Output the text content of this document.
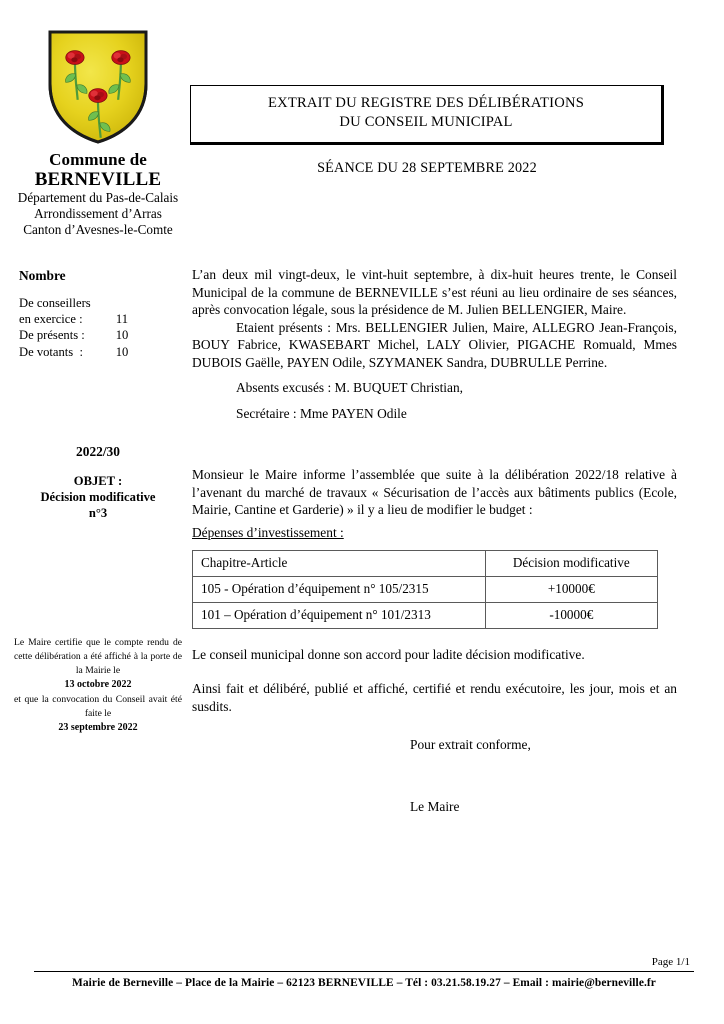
Commune de
BERNEVILLE
Département du Pas-de-Calais
Arrondissement d’Arras
Canton d’Avesnes-le-Comte
Nombre
De conseillers
en exercice :	11
De présents :	10
De votants  :	10
2022/30
OBJET :
Décision modificative
n°3
Le Maire certifie que le compte rendu de cette délibération a été affiché à la porte de la Mairie le
13 octobre 2022
et que la convocation du Conseil avait été faite le
23 septembre 2022
EXTRAIT DU REGISTRE DES DÉLIBÉRATIONS
DU CONSEIL MUNICIPAL
SÉANCE DU 28 SEPTEMBRE 2022

L’an deux mil vingt-deux, le vint-huit septembre, à dix-huit heures trente, le Conseil Municipal de la commune de BERNEVILLE s’est réuni au lieu ordinaire de ses séances, après convocation légale, sous la présidence de M. Julien BELLENGIER, Maire.

Etaient présents : Mrs. BELLENGIER Julien, Maire, ALLEGRO Jean-François, BOUY Fabrice, KWASEBART Michel, LALY Olivier, PIGACHE Romuald, Mmes DUBOIS Gaëlle, PAYEN Odile, SZYMANEK Sandra, DUBRULLE Perrine.

Absents excusés : M. BUQUET Christian,

Secrétaire : Mme PAYEN Odile

Monsieur le Maire informe l’assemblée que suite à la délibération 2022/18 relative à l’avenant du marché de travaux « Sécurisation de l’accès aux bâtiments publics (Ecole, Mairie, Cantine et Garderie) » il y a lieu de modifier le budget :
Dépenses d’investissement :
Le conseil municipal donne son accord pour ladite décision modificative.
Ainsi fait et délibéré, publié et affiché, certifié et rendu exécutoire, les jour, mois et an susdits.
Pour extrait conforme,
Le Maire
Chapitre-Article	Décision modificative
105 - Opération d’équipement n° 105/2315	+10000€
101 – Opération d’équipement n° 101/2313	-10000€
Page 1/1
Mairie de Berneville – Place de la Mairie – 62123 BERNEVILLE – Tél : 03.21.58.19.27 – Email : mairie@berneville.fr
